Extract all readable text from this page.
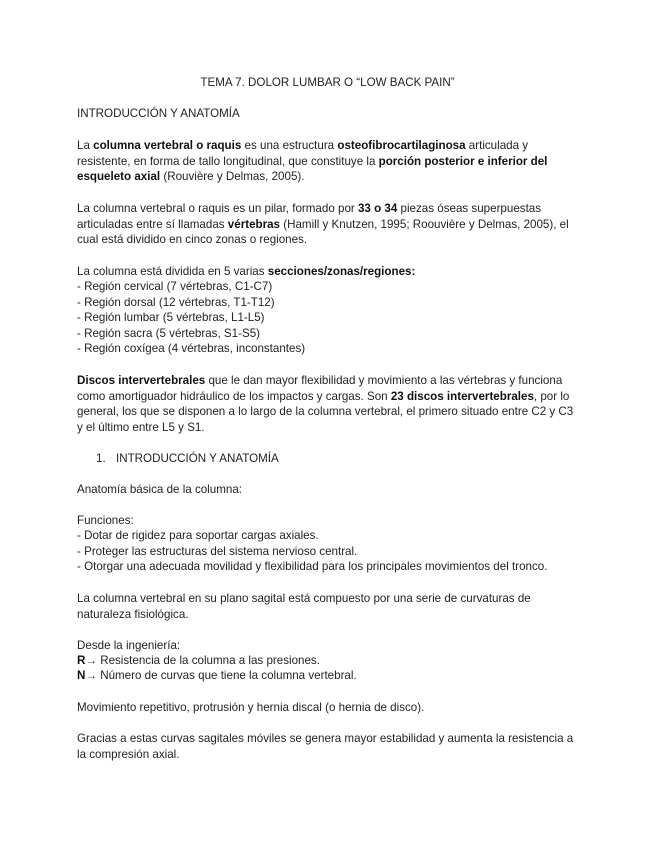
TEMA 7. DOLOR LUMBAR O “LOW BACK PAIN”

INTRODUCCIÓN Y ANATOMÍA

La columna vertebral o raquis es una estructura osteofibrocartilaginosa articulada y resistente, en forma de tallo longitudinal, que constituye la porción posterior e inferior del esqueleto axial (Rouvière y Delmas, 2005).

La columna vertebral o raquis es un pilar, formado por 33 o 34 piezas óseas superpuestas articuladas entre sí llamadas vértebras (Hamill y Knutzen, 1995; Roouvière y Delmas, 2005), el cual está dividido en cinco zonas o regiones.

La columna está dividida en 5 varias secciones/zonas/regiones:

- Región cervical (7 vértebras, C1-C7)
- Región dorsal (12 vértebras, T1-T12)
- Región lumbar (5 vértebras, L1-L5)
- Región sacra (5 vértebras, S1-S5)
- Región coxígea (4 vértebras, inconstantes)

Discos intervertebrales que le dan mayor flexibilidad y movimiento a las vértebras y funciona como amortiguador hidráulico de los impactos y cargas. Son 23 discos intervertebrales, por lo general, los que se disponen a lo largo de la columna vertebral, el primero situado entre C2 y C3 y el último entre L5 y S1.

1. INTRODUCCIÓN Y ANATOMÍA

Anatomía básica de la columna:

Funciones:

- Dotar de rigidez para soportar cargas axiales.
- Proteger las estructuras del sistema nervioso central.
- Otorgar una adecuada movilidad y flexibilidad para los principales movimientos del tronco.

La columna vertebral en su plano sagital está compuesto por una serie de curvaturas de naturaleza fisiológica.

Desde la ingeniería:

R→ Resistencia de la columna a las presiones.

N→ Número de curvas que tiene la columna vertebral.

Movimiento repetitivo, protrusión y hernia discal (o hernia de disco).

Gracias a estas curvas sagitales móviles se genera mayor estabilidad y aumenta la resistencia a la compresión axial.
